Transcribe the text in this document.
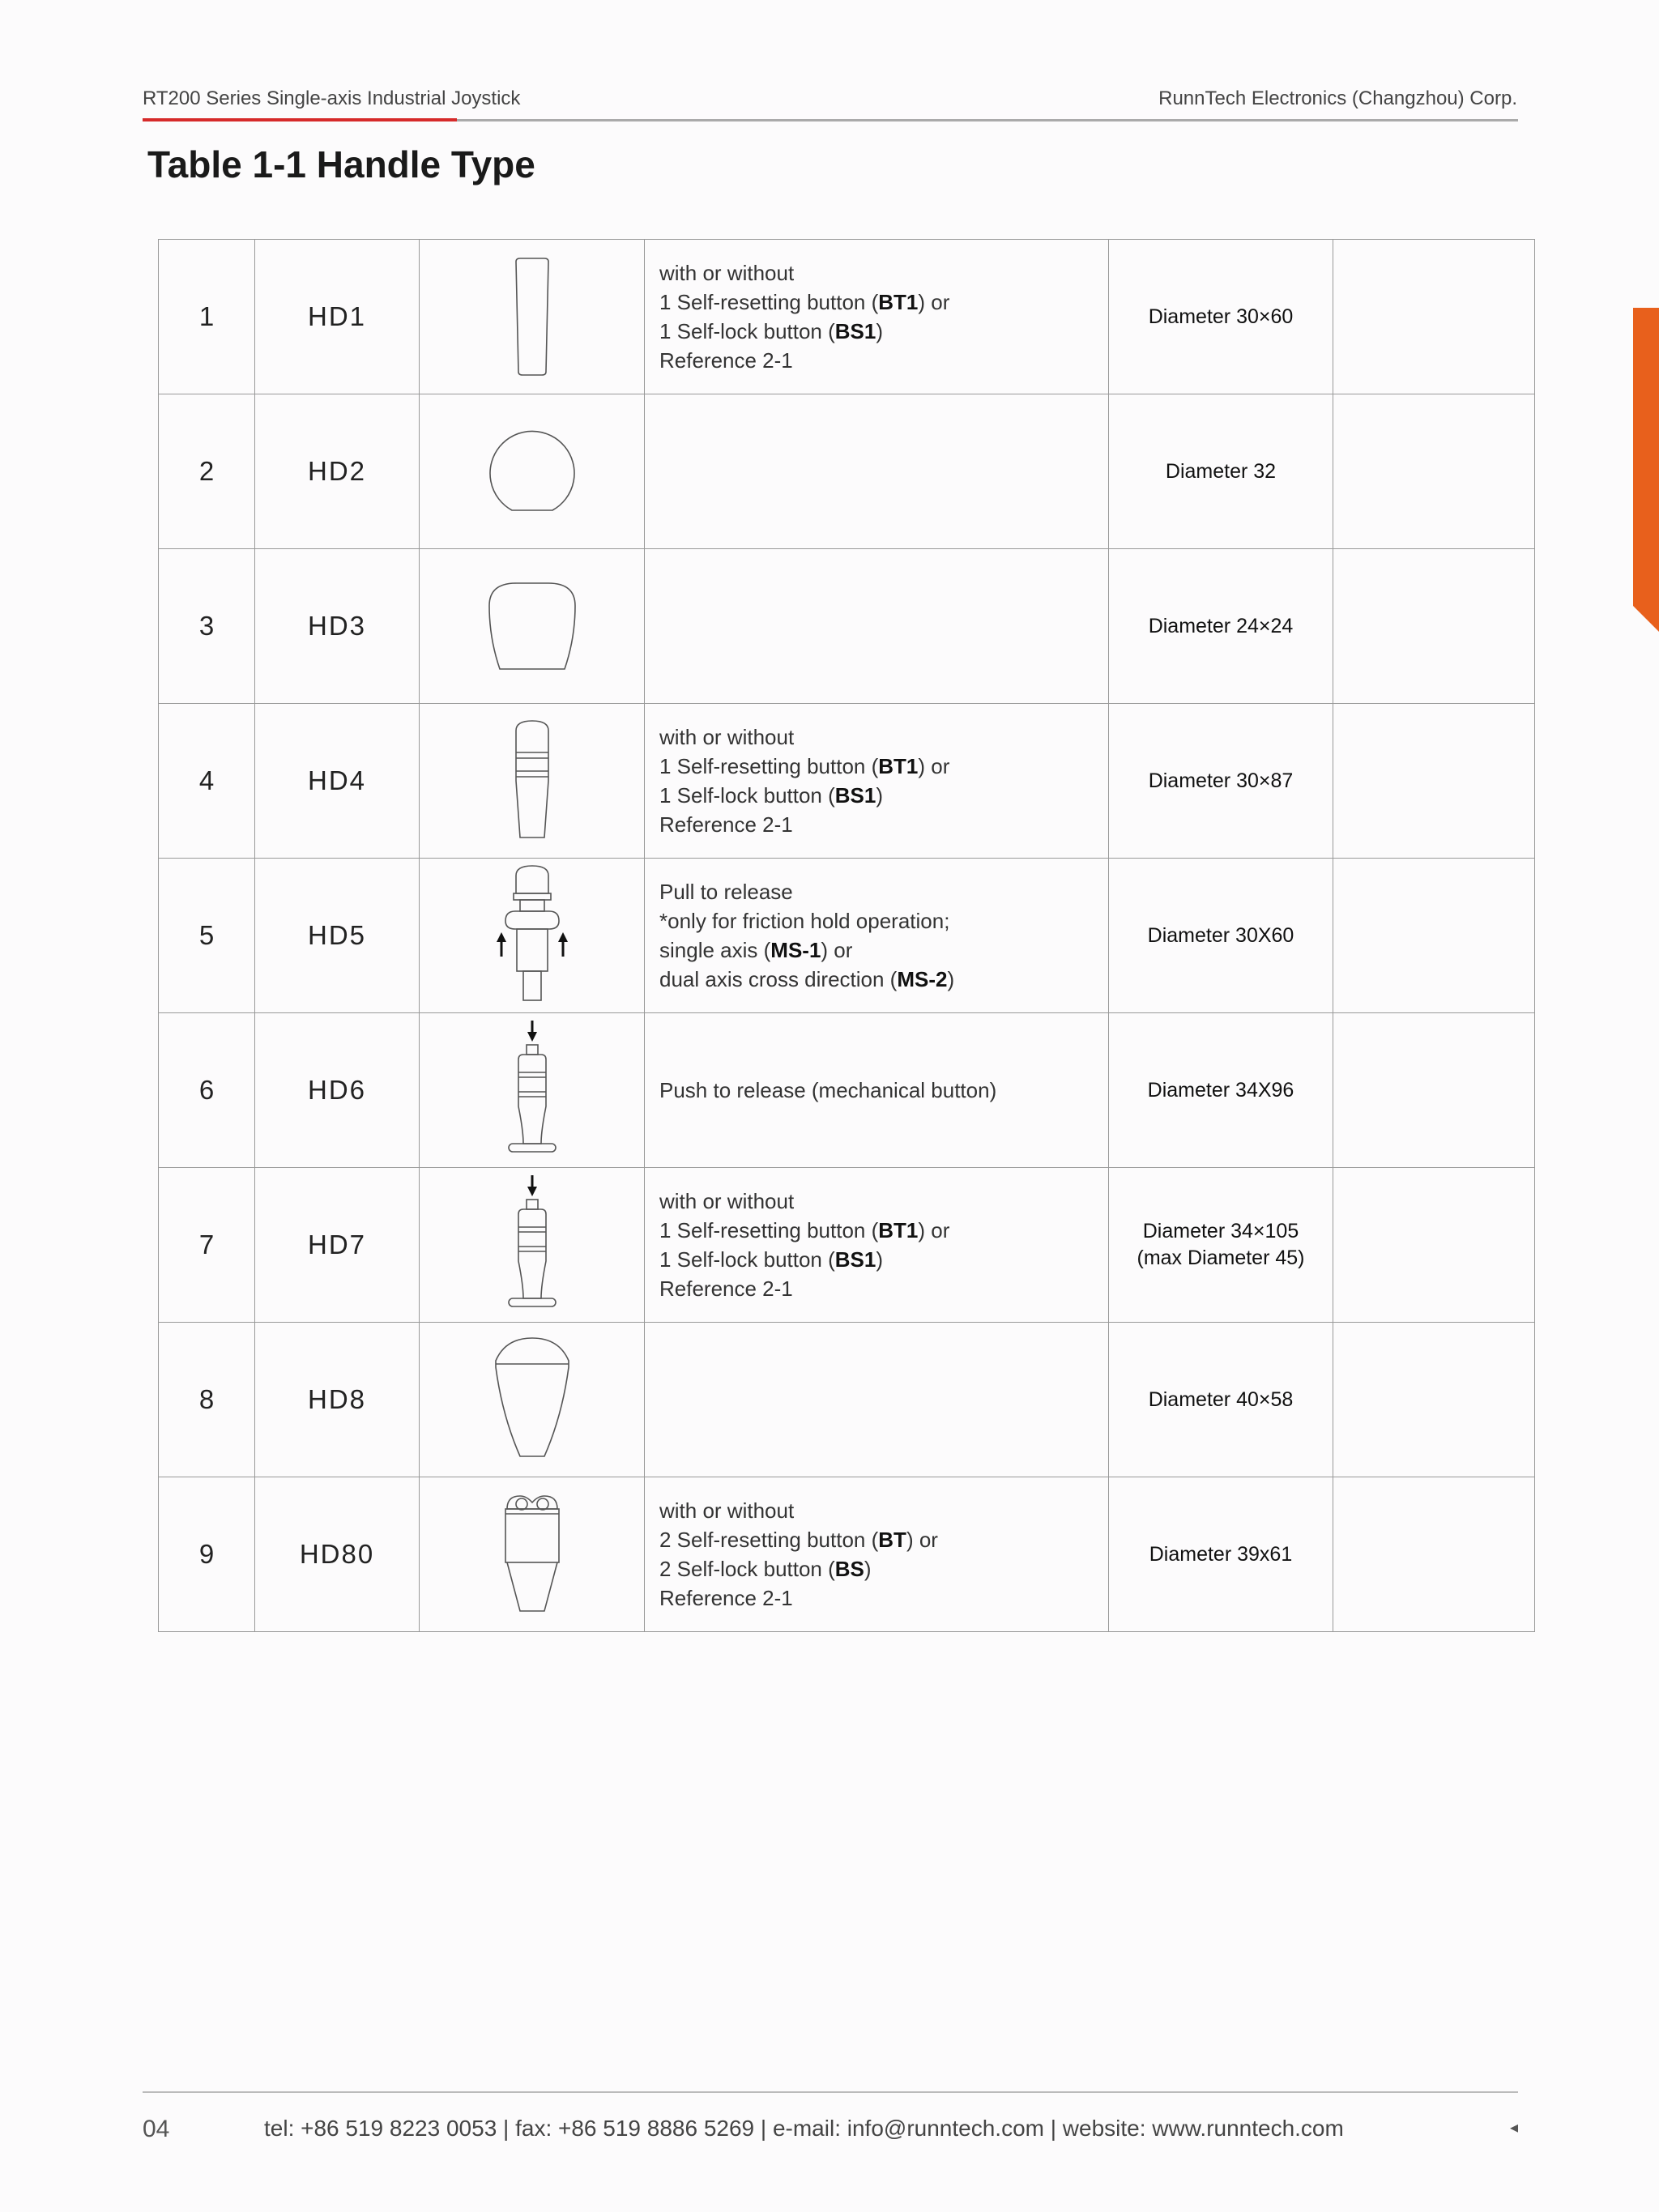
RT200 Series Single-axis Industrial Joystick	RunnTech Electronics (Changzhou) Corp.
Table 1-1 Handle Type
1	HD1		with or without
1 Self-resetting button (BT1) or
1 Self-lock button (BS1)
Reference 2-1	Diameter 30×60	

2	HD2			Diameter 32	

3	HD3			Diameter 24×24	

4	HD4		with or without
1 Self-resetting button (BT1) or
1 Self-lock button (BS1)
Reference 2-1	Diameter 30×87	

5	HD5		Pull to release
*only for friction hold operation;
single axis (MS-1) or
dual axis cross direction (MS-2)	Diameter 30X60	

6	HD6		Push to release (mechanical button)	Diameter 34X96	

7	HD7		with or without
1 Self-resetting button (BT1) or
1 Self-lock button (BS1)
Reference 2-1	Diameter 34×105
(max Diameter 45)	

8	HD8			Diameter 40×58	

9	HD80		with or without
2 Self-resetting button (BT) or
2 Self-lock button (BS)
Reference 2-1	Diameter 39x61	

04	tel: +86 519 8223 0053 | fax: +86 519 8886 5269 | e-mail: info@runntech.com | website: www.runntech.com	◂
